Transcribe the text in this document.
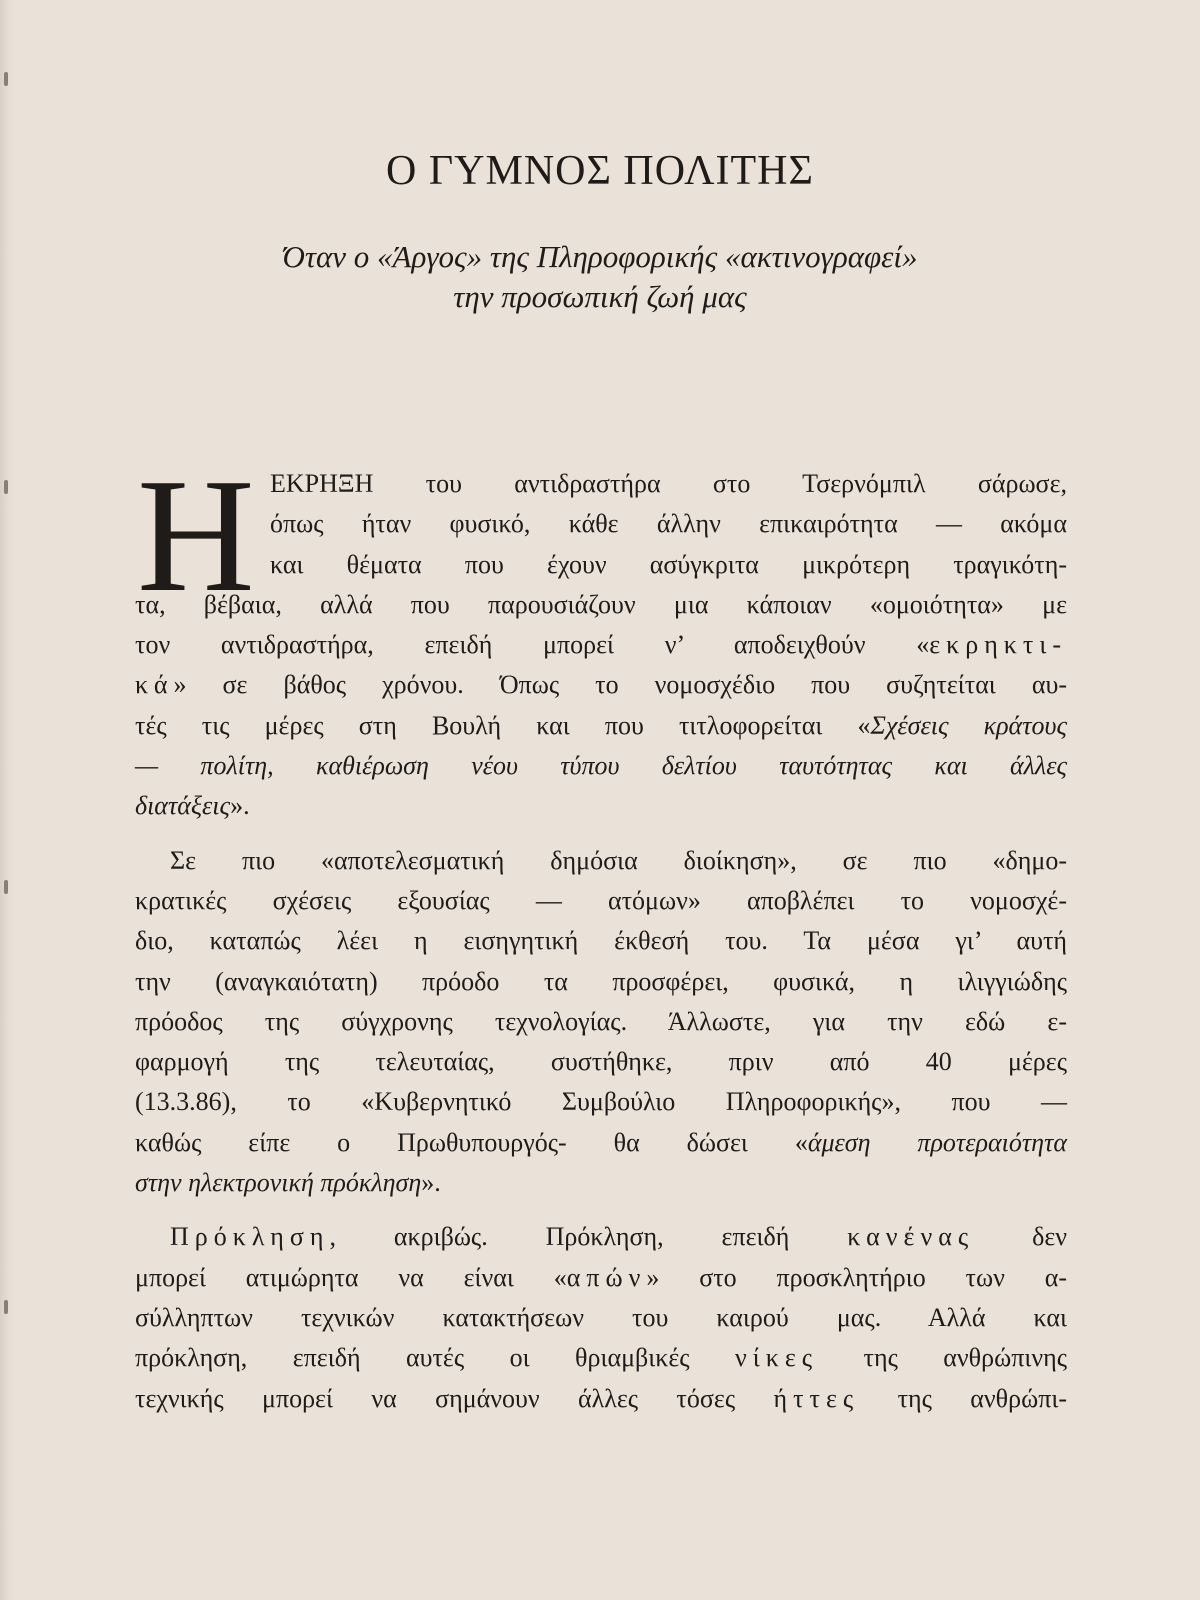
Ο ΓΥΜΝΟΣ ΠΟΛΙΤΗΣ
Όταν ο «Άργος» της Πληροφορικής «ακτινογραφεί»
την προσωπική ζωή μας
Η ΕΚΡΗΞΗ του αντιδραστήρα στο Τσερνόμπιλ σάρωσε,
όπως ήταν φυσικό, κάθε άλλην επικαιρότητα — ακόμα
και θέματα που έχουν ασύγκριτα μικρότερη τραγικότη-
τα, βέβαια, αλλά που παρουσιάζουν μια κάποιαν «ομοιότητα» με
τον αντιδραστήρα, επειδή μπορεί ν’ αποδειχθούν «εκρηκτι-
κά» σε βάθος χρόνου. Όπως το νομοσχέδιο που συζητείται αυ-
τές τις μέρες στη Βουλή και που τιτλοφορείται «Σχέσεις κράτους
— πολίτη, καθιέρωση νέου τύπου δελτίου ταυτότητας και άλλες
διατάξεις».
Σε πιο «αποτελεσματική δημόσια διοίκηση», σε πιο «δημο-
κρατικές σχέσεις εξουσίας — ατόμων» αποβλέπει το νομοσχέ-
διο, καταπώς λέει η εισηγητική έκθεσή του. Τα μέσα γι’ αυτή
την (αναγκαιότατη) πρόοδο τα προσφέρει, φυσικά, η ιλιγγιώδης
πρόοδος της σύγχρονης τεχνολογίας. Άλλωστε, για την εδώ ε-
φαρμογή της τελευταίας, συστήθηκε, πριν από 40 μέρες
(13.3.86), το «Κυβερνητικό Συμβούλιο Πληροφορικής», που —
καθώς είπε ο Πρωθυπουργός- θα δώσει «άμεση προτεραιότητα
στην ηλεκτρονική πρόκληση».
Πρόκληση, ακριβώς. Πρόκληση, επειδή κανένας δεν
μπορεί ατιμώρητα να είναι «απών» στο προσκλητήριο των α-
σύλληπτων τεχνικών κατακτήσεων του καιρού μας. Αλλά και
πρόκληση, επειδή αυτές οι θριαμβικές νίκες της ανθρώπινης
τεχνικής μπορεί να σημάνουν άλλες τόσες ήττες της ανθρώπι-
